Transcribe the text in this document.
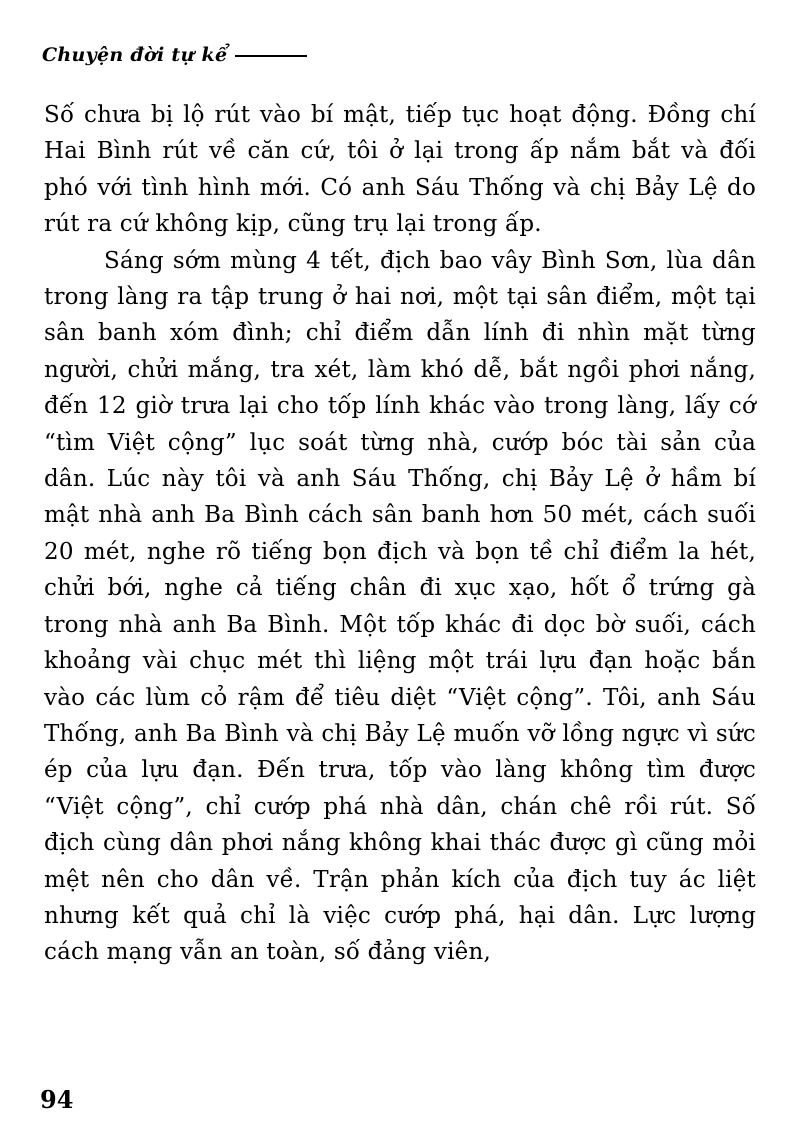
Chuyện đời tự kể

Số chưa bị lộ rút vào bí mật, tiếp tục hoạt động. Đồng chí Hai Bình rút về căn cứ, tôi ở lại trong ấp nắm bắt và đối phó với tình hình mới. Có anh Sáu Thống và chị Bảy Lệ do rút ra cứ không kịp, cũng trụ lại trong ấp.

Sáng sớm mùng 4 tết, địch bao vây Bình Sơn, lùa dân trong làng ra tập trung ở hai nơi, một tại sân điểm, một tại sân banh xóm đình; chỉ điểm dẫn lính đi nhìn mặt từng người, chửi mắng, tra xét, làm khó dễ, bắt ngồi phơi nắng, đến 12 giờ trưa lại cho tốp lính khác vào trong làng, lấy cớ “tìm Việt cộng” lục soát từng nhà, cướp bóc tài sản của dân. Lúc này tôi và anh Sáu Thống, chị Bảy Lệ ở hầm bí mật nhà anh Ba Bình cách sân banh hơn 50 mét, cách suối 20 mét, nghe rõ tiếng bọn địch và bọn tề chỉ điểm la hét, chửi bới, nghe cả tiếng chân đi xục xạo, hốt ổ trứng gà trong nhà anh Ba Bình. Một tốp khác đi dọc bờ suối, cách khoảng vài chục mét thì liệng một trái lựu đạn hoặc bắn vào các lùm cỏ rậm để tiêu diệt “Việt cộng”. Tôi, anh Sáu Thống, anh Ba Bình và chị Bảy Lệ muốn vỡ lồng ngực vì sức ép của lựu đạn. Đến trưa, tốp vào làng không tìm được “Việt cộng”, chỉ cướp phá nhà dân, chán chê rồi rút. Số địch cùng dân phơi nắng không khai thác được gì cũng mỏi mệt nên cho dân về. Trận phản kích của địch tuy ác liệt nhưng kết quả chỉ là việc cướp phá, hại dân. Lực lượng cách mạng vẫn an toàn, số đảng viên,

94
